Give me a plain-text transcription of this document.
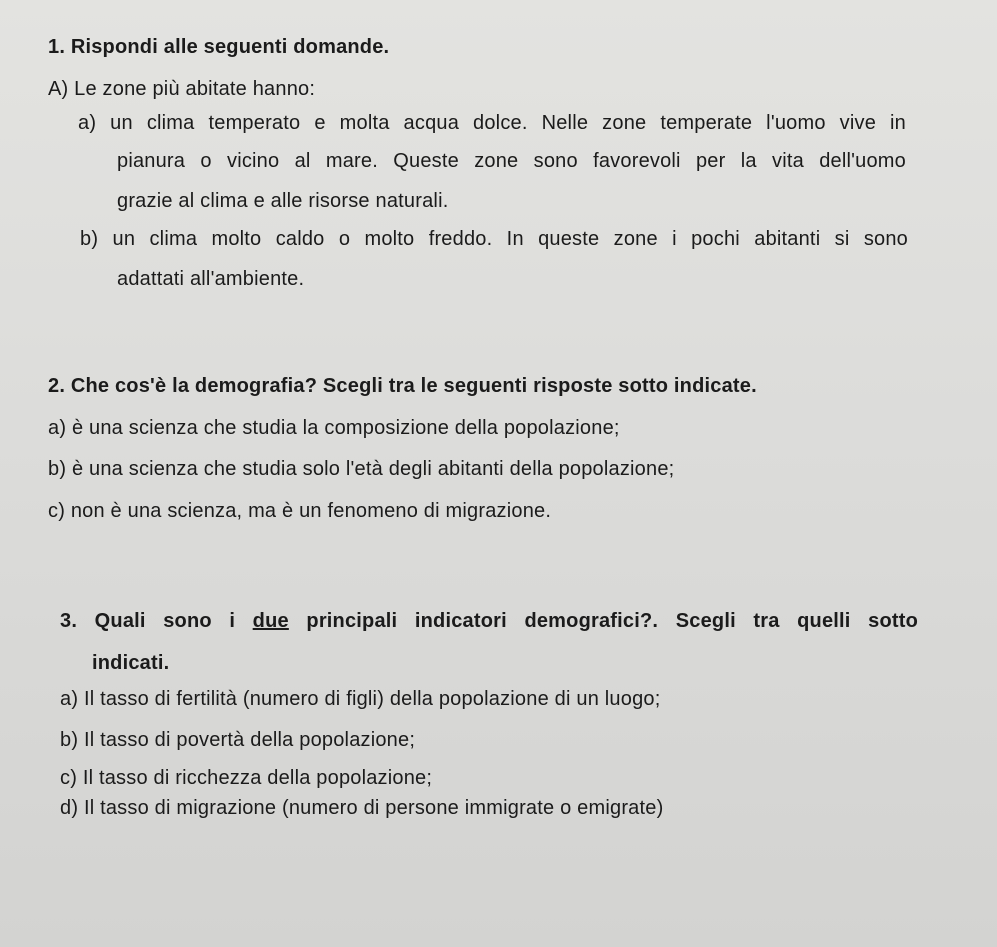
1. Rispondi alle seguenti domande.
A) Le zone più abitate hanno:
a) un clima temperato e molta acqua dolce. Nelle zone temperate l'uomo vive in
pianura o vicino al mare. Queste zone sono favorevoli per la vita dell'uomo
grazie al clima e alle risorse naturali.
b) un clima molto caldo o molto freddo. In queste zone i pochi abitanti si sono
adattati all'ambiente.
2. Che cos'è la demografia? Scegli tra le seguenti risposte sotto indicate.
a) è una scienza che studia la composizione della popolazione;
b) è una scienza che studia solo l'età degli abitanti della popolazione;
c) non è una scienza, ma è un fenomeno di migrazione.
3. Quali sono i due principali indicatori demografici?. Scegli tra quelli sotto
indicati.
a) Il tasso di fertilità (numero di figli) della popolazione di un luogo;
b) Il tasso di povertà della popolazione;
c) Il tasso di ricchezza della popolazione;
d) Il tasso di migrazione (numero di persone immigrate o emigrate)
